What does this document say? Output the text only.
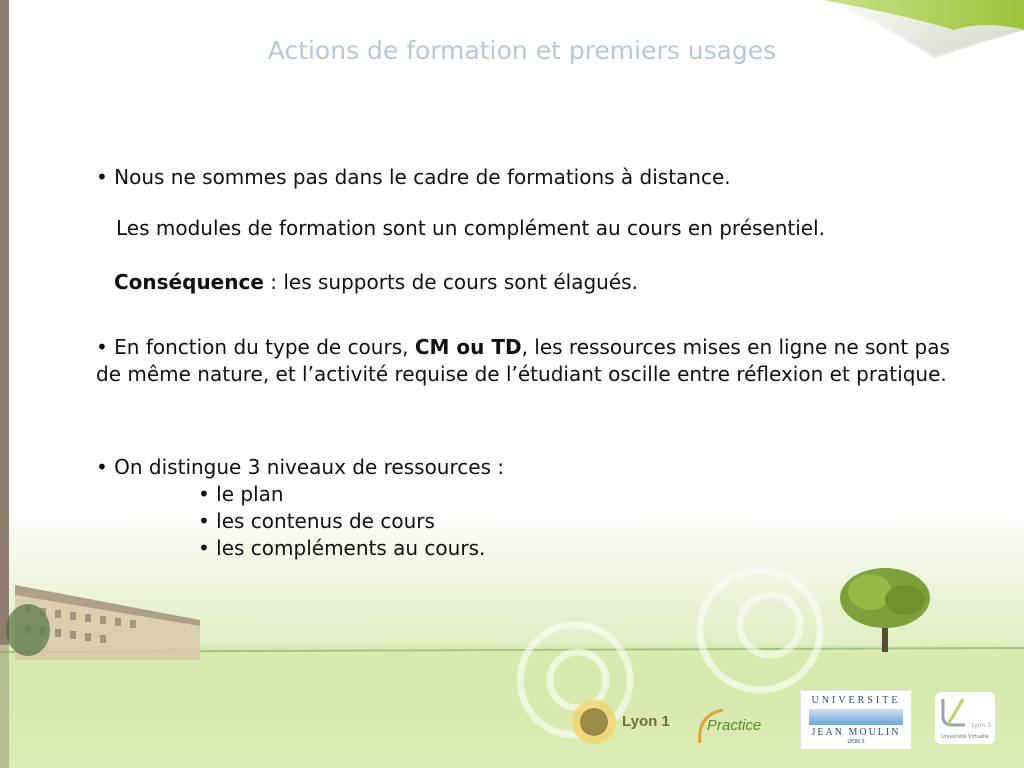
Actions de formation et premiers usages

• Nous ne sommes pas dans le cadre de formations à distance.

Les modules de formation sont un complément au cours en présentiel.

Conséquence : les supports de cours sont élagués.

• En fonction du type de cours, CM ou TD, les ressources mises en ligne ne sont pas de même nature, et l’activité requise de l’étudiant oscille entre réflexion et pratique.

• On distingue 3 niveaux de ressources :

• le plan

• les contenus de cours

• les compléments au cours.

Lyon 1 Practice
UNIVERSITE
JEAN MOULIN
LYON 3
Lyon 3
Université Virtuelle
